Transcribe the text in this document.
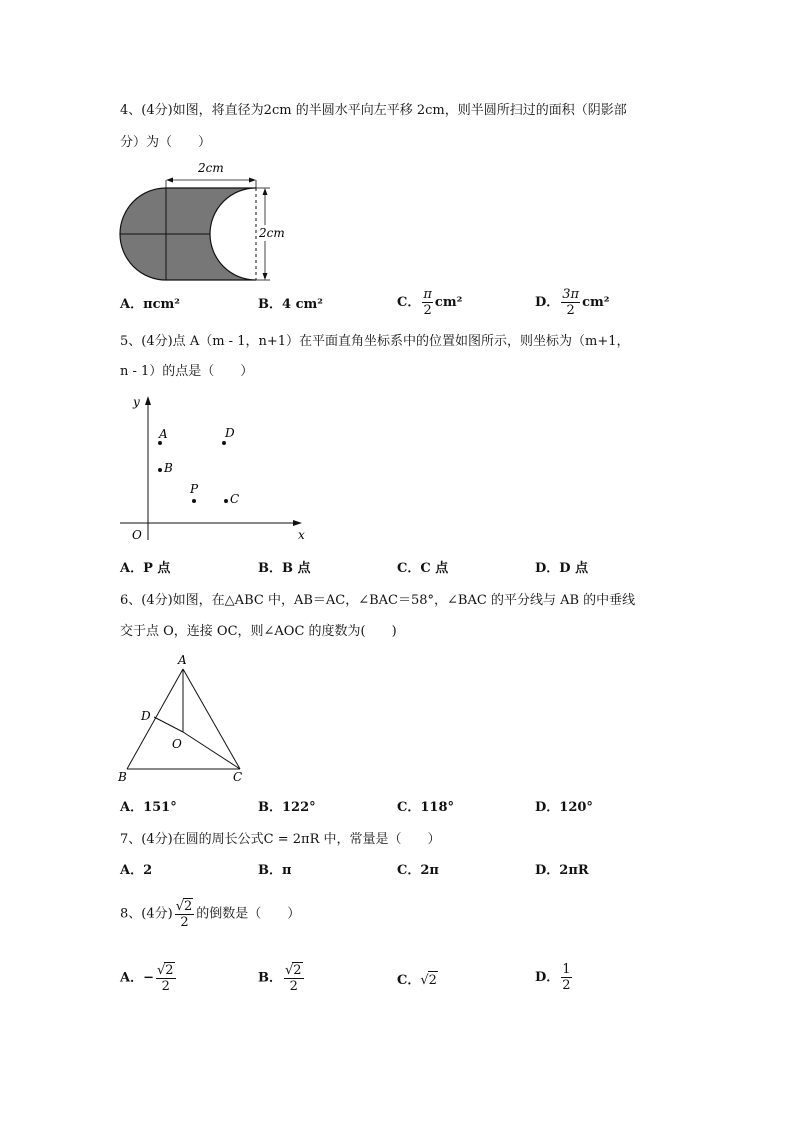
4、(4分)如图，将直径为2cm 的半圆水平向左平移 2cm，则半圆所扫过的面积（阴影部
分）为（　　）
2cm
2cm
A．πcm²	B．4 cm²	C． $\frac{\pi}{2} cm^2$	D． $\frac{3\pi}{2} cm^2$
5、(4分)点 A（m - 1，n+1）在平面直角坐标系中的位置如图所示，则坐标为（m+1，
n - 1）的点是（　　）
y
x
O
A
B
D
P
C
A．P 点	B．B 点	C．C 点	D．D 点
6、(4分)如图，在△ABC 中，AB＝AC，∠BAC＝58°，∠BAC 的平分线与 AB 的中垂线
交于点 O，连接 OC，则∠AOC 的度数为(　　)
A
B	C
D
O
A．151°	B．122°	C．118°	D．120°
7、(4分)在圆的周长公式C = 2πR 中，常量是（　　）
A．2	B．π	C．2π	D．2πR
8、(4分) $\frac{√2}{2}$ 的倒数是（　　）
A．− $\frac{√2}{2}$	B． $\frac{√2}{2}$	C．√2	D． $\frac{1}{2}$
